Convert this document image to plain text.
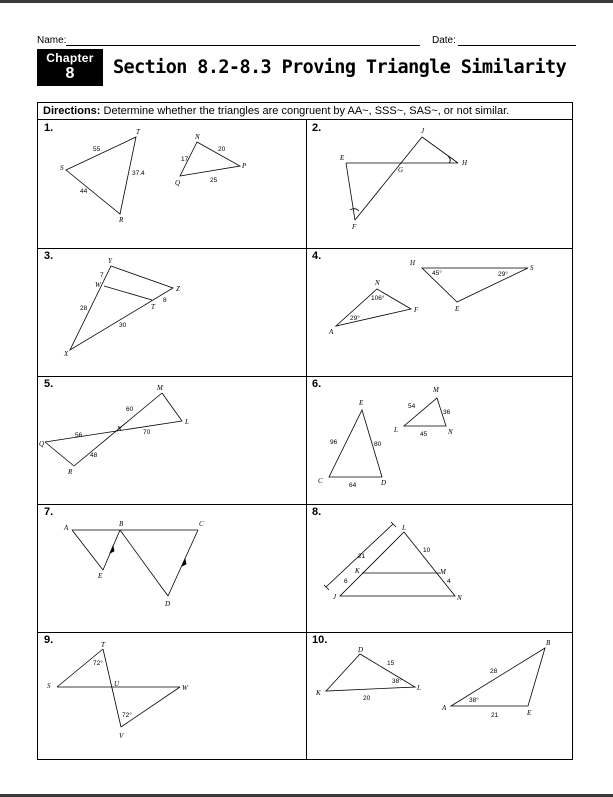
Name:	Date:
Chapter
8	Section 8.2-8.3 Proving Triangle Similarity
Directions: Determine whether the triangles are congruent by AA~, SSS~, SAS~, or not similar.
1.	2.
3.	4.
5.	6.
7.	8.
9.	10.
S
T
R
55
44
37.4
N
P
Q
17
20
25
J
E
G
H
F
Y
W	Z
T
X
7
28
8
30
H
S
N
F	E
A
45°	29°
106°
29°
M
L
N
Q
R
60
70
56
48
E
C	D
M
L	N
96	80
64
54
36
45
A	B	C
E
D
L
K	M
J	N
21
10
6	4
T
S	U	W
V
72°
72°
D
K
L
B
A
E
15
38°
20
28
38°
21
